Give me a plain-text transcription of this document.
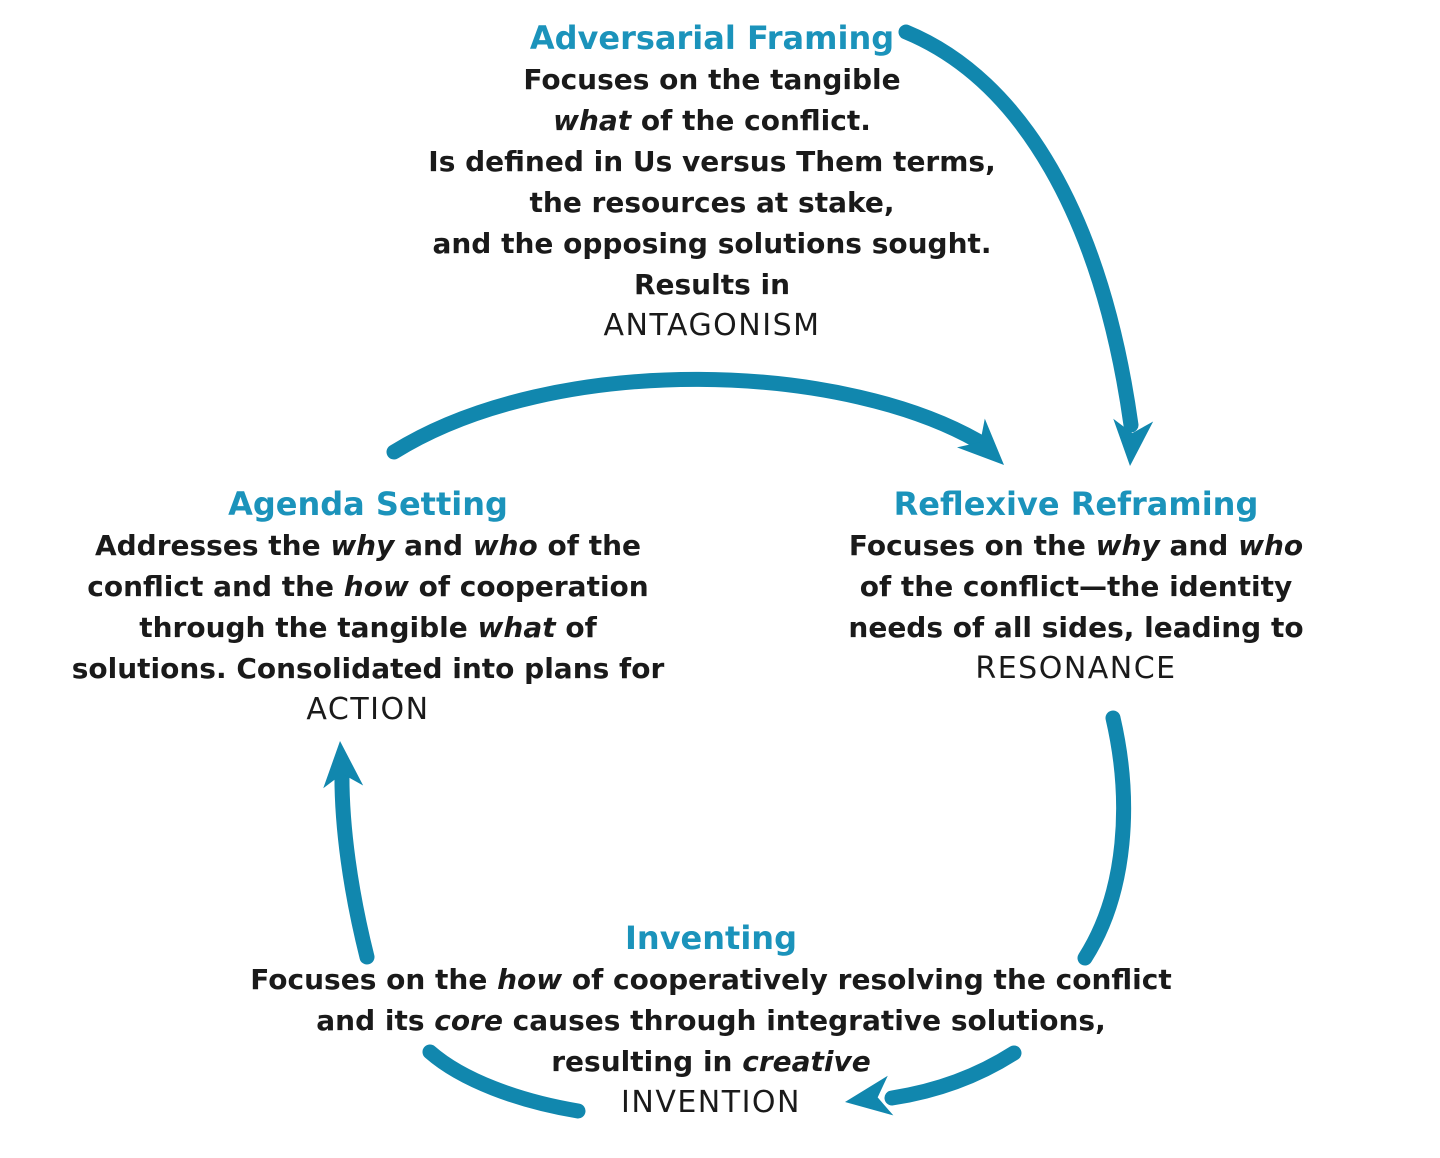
Adversarial Framing
Focuses on the tangible
what of the conflict.
Is defined in Us versus Them terms,
the resources at stake,
and the opposing solutions sought.
Results in
ANTAGONISM
Agenda Setting
Addresses the why and who of the
conflict and the how of cooperation
through the tangible what of
solutions. Consolidated into plans for
ACTION
Reflexive Reframing
Focuses on the why and who
of the conflict—the identity
needs of all sides, leading to
RESONANCE
Inventing
Focuses on the how of cooperatively resolving the conflict
and its core causes through integrative solutions,
resulting in creative
INVENTION
